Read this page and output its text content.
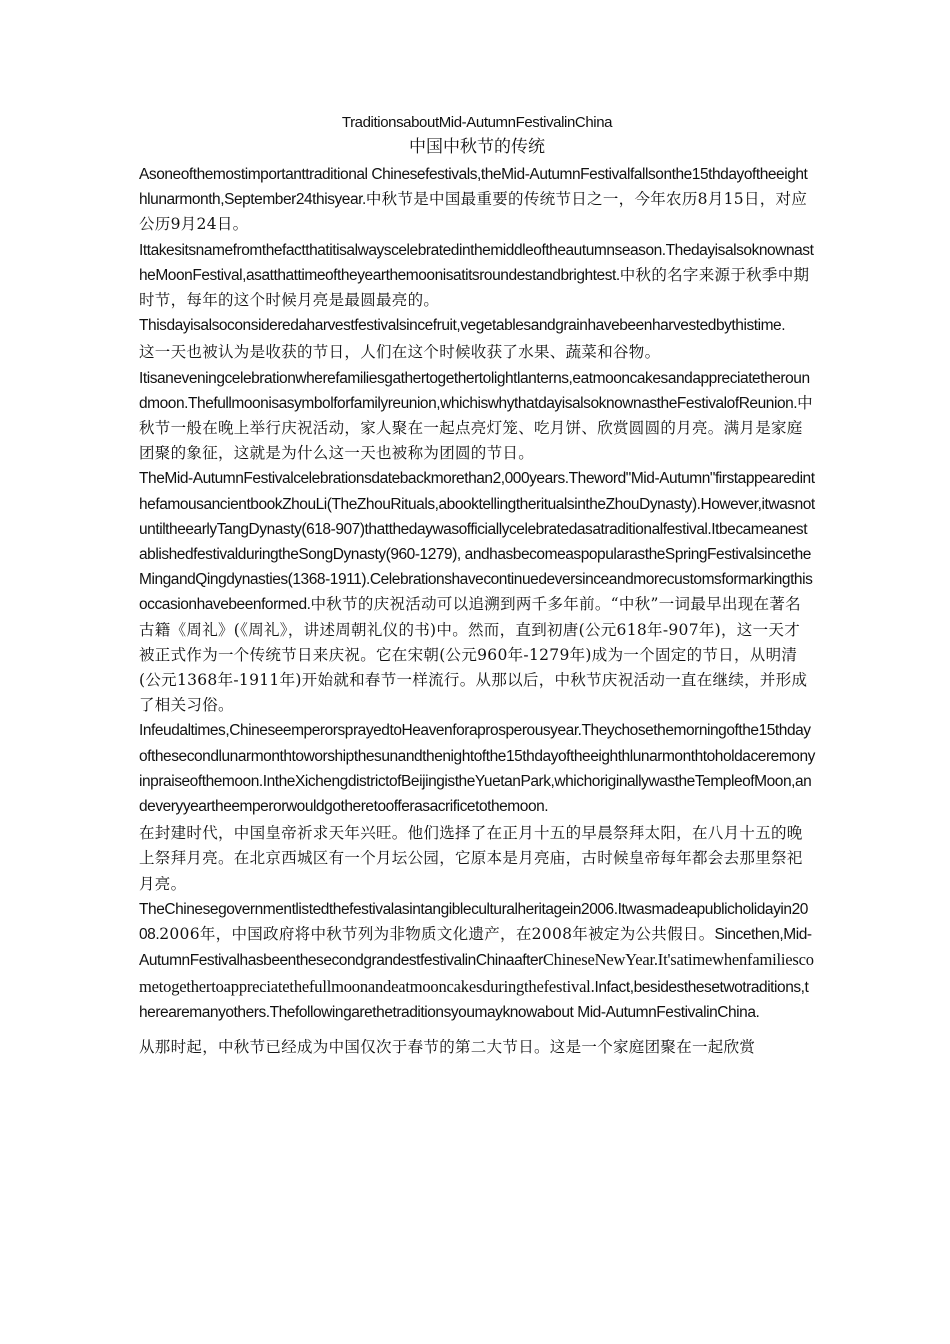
TraditionsaboutMid-AutumnFestivalinChina

中国中秋节的传统

Asoneofthemostimportanttraditional Chinesefestivals,theMid-AutumnFestivalfallsonthe15thdayoftheeighthlunarmonth,September24thisyear.中秋节是中国最重要的传统节日之一，今年农历8月15日，对应公历9月24日。

Ittakesitsnamefromthefactthatitisalwayscelebratedinthemiddleoftheautumnseason.ThedayisalsoknownastheMoonFestival,asatthattimeoftheyearthemoonisatitsroundestandbrightest.中秋的名字来源于秋季中期时节，每年的这个时候月亮是最圆最亮的。

Thisdayisalsoconsideredaharvestfestivalsincefruit,vegetablesandgrainhavebeenharvestedbythistime.

这一天也被认为是收获的节日，人们在这个时候收获了水果、蔬菜和谷物。

Itisaneveningcelebrationwherefamiliesgathertogethertolightlanterns,eatmooncakesandappreciatetheroundmoon.Thefullmoonisasymbolforfamilyreunion,whichiswhythatdayisalsoknownastheFestivalofReunion.中秋节一般在晚上举行庆祝活动，家人聚在一起点亮灯笼、吃月饼、欣赏圆圆的月亮。满月是家庭团聚的象征，这就是为什么这一天也被称为团圆的节日。

TheMid-AutumnFestivalcelebrationsdatebackmorethan2,000years.Theword"Mid-Autumn"firstappearedinthefamousancientbookZhouLi(TheZhouRituals,abooktellingtheritualsintheZhouDynasty).However,itwasnotuntiltheearlyTangDynasty(618-907)thatthedaywasofficiallycelebratedasatraditionalfestival.ItbecameanestablishedfestivalduringtheSongDynasty(960-1279), andhasbecomeaspopularastheSpringFestivalsincetheMingandQingdynasties(1368-1911).Celebrationshavecontinuedeversinceandmorecustomsformarkingthisoccasionhavebeenformed.中秋节的庆祝活动可以追溯到两千多年前。“中秋”一词最早出现在著名古籍《周礼》(《周礼》，讲述周朝礼仪的书)中。然而，直到初唐(公元618年-907年)，这一天才被正式作为一个传统节日来庆祝。它在宋朝(公元960年-1279年)成为一个固定的节日，从明清(公元1368年-1911年)开始就和春节一样流行。从那以后，中秋节庆祝活动一直在继续，并形成了相关习俗。

Infeudaltimes,ChineseemperorsprayedtoHeavenforaprosperousyear.Theychosethemorningofthe15thdayofthesecondlunarmonthtoworshipthesunandthenightofthe15thdayoftheeighthlunarmonthtoholdaceremonyinpraiseofthemoon.IntheXichengdistrictofBeijingistheYuetanPark,whichoriginallywastheTempleofMoon,andeveryyeartheemperorwouldgotheretoofferasacrificetothemoon.

在封建时代，中国皇帝祈求天年兴旺。他们选择了在正月十五的早晨祭拜太阳，在八月十五的晚上祭拜月亮。在北京西城区有一个月坛公园，它原本是月亮庙，古时候皇帝每年都会去那里祭祀月亮。

TheChinesegovernmentlistedthefestivalasintangibleculturalheritagein2006.Itwasmadeapublicholidayin2008.2006年，中国政府将中秋节列为非物质文化遗产，在2008年被定为公共假日。Sincethen,Mid-AutumnFestivalhasbeenthesecondgrandestfestivalinChinaafterChineseNewYear.It'satimewhenfamiliescometogethertoappreciatethefullmoonandeatmooncakesduringthefestival.Infact,besidesthesetwotraditions,therearemanyothers.Thefollowingarethetraditionsyoumayknowabout Mid-AutumnFestivalinChina.

从那时起，中秋节已经成为中国仅次于春节的第二大节日。这是一个家庭团聚在一起欣赏
